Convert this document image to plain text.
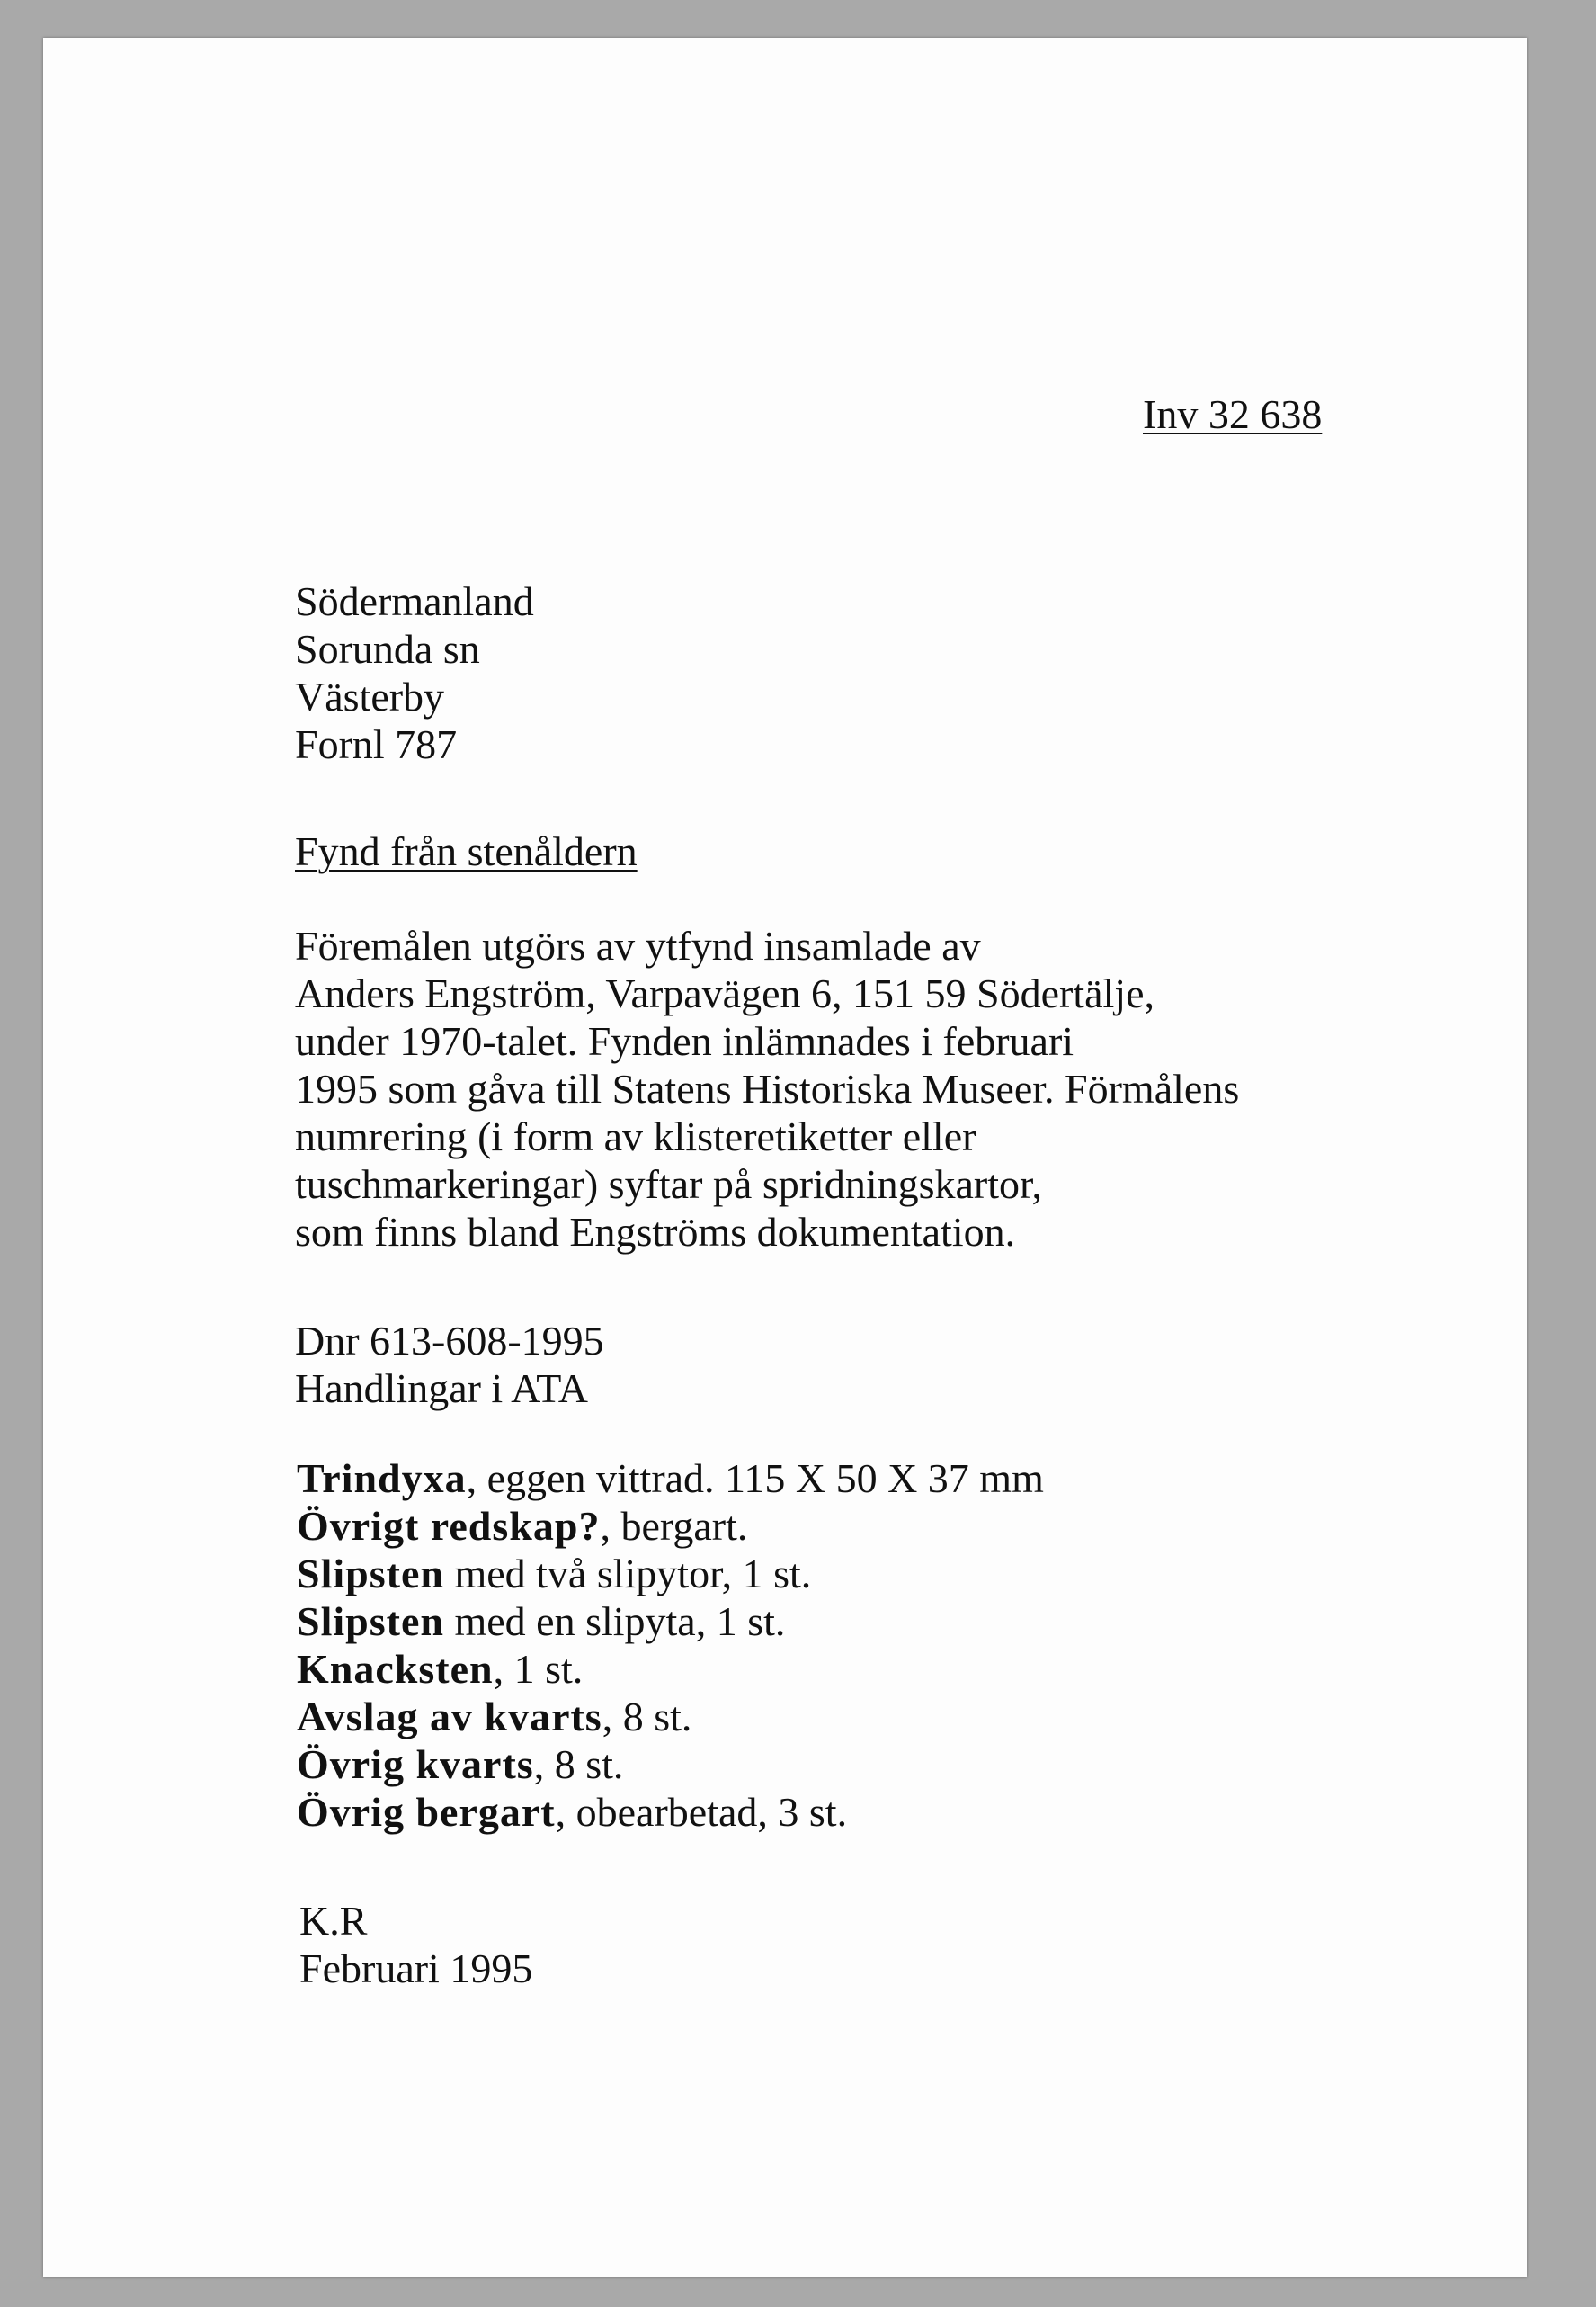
Inv 32 638
Södermanland
Sorunda sn
Västerby
Fornl 787
Fynd från stenåldern
Föremålen utgörs av ytfynd insamlade av
Anders Engström, Varpavägen 6, 151 59 Södertälje,
under 1970-talet. Fynden inlämnades i februari
1995 som gåva till Statens Historiska Museer. Förmålens
numrering (i form av klisteretiketter eller
tuschmarkeringar) syftar på spridningskartor,
som finns bland Engströms dokumentation.
Dnr 613-608-1995
Handlingar i ATA
Trindyxa, eggen vittrad. 115 X 50 X 37 mm
Övrigt redskap?, bergart.
Slipsten med två slipytor, 1 st.
Slipsten med en slipyta, 1 st.
Knacksten, 1 st.
Avslag av kvarts, 8 st.
Övrig kvarts, 8 st.
Övrig bergart, obearbetad, 3 st.
K.R
Februari 1995
